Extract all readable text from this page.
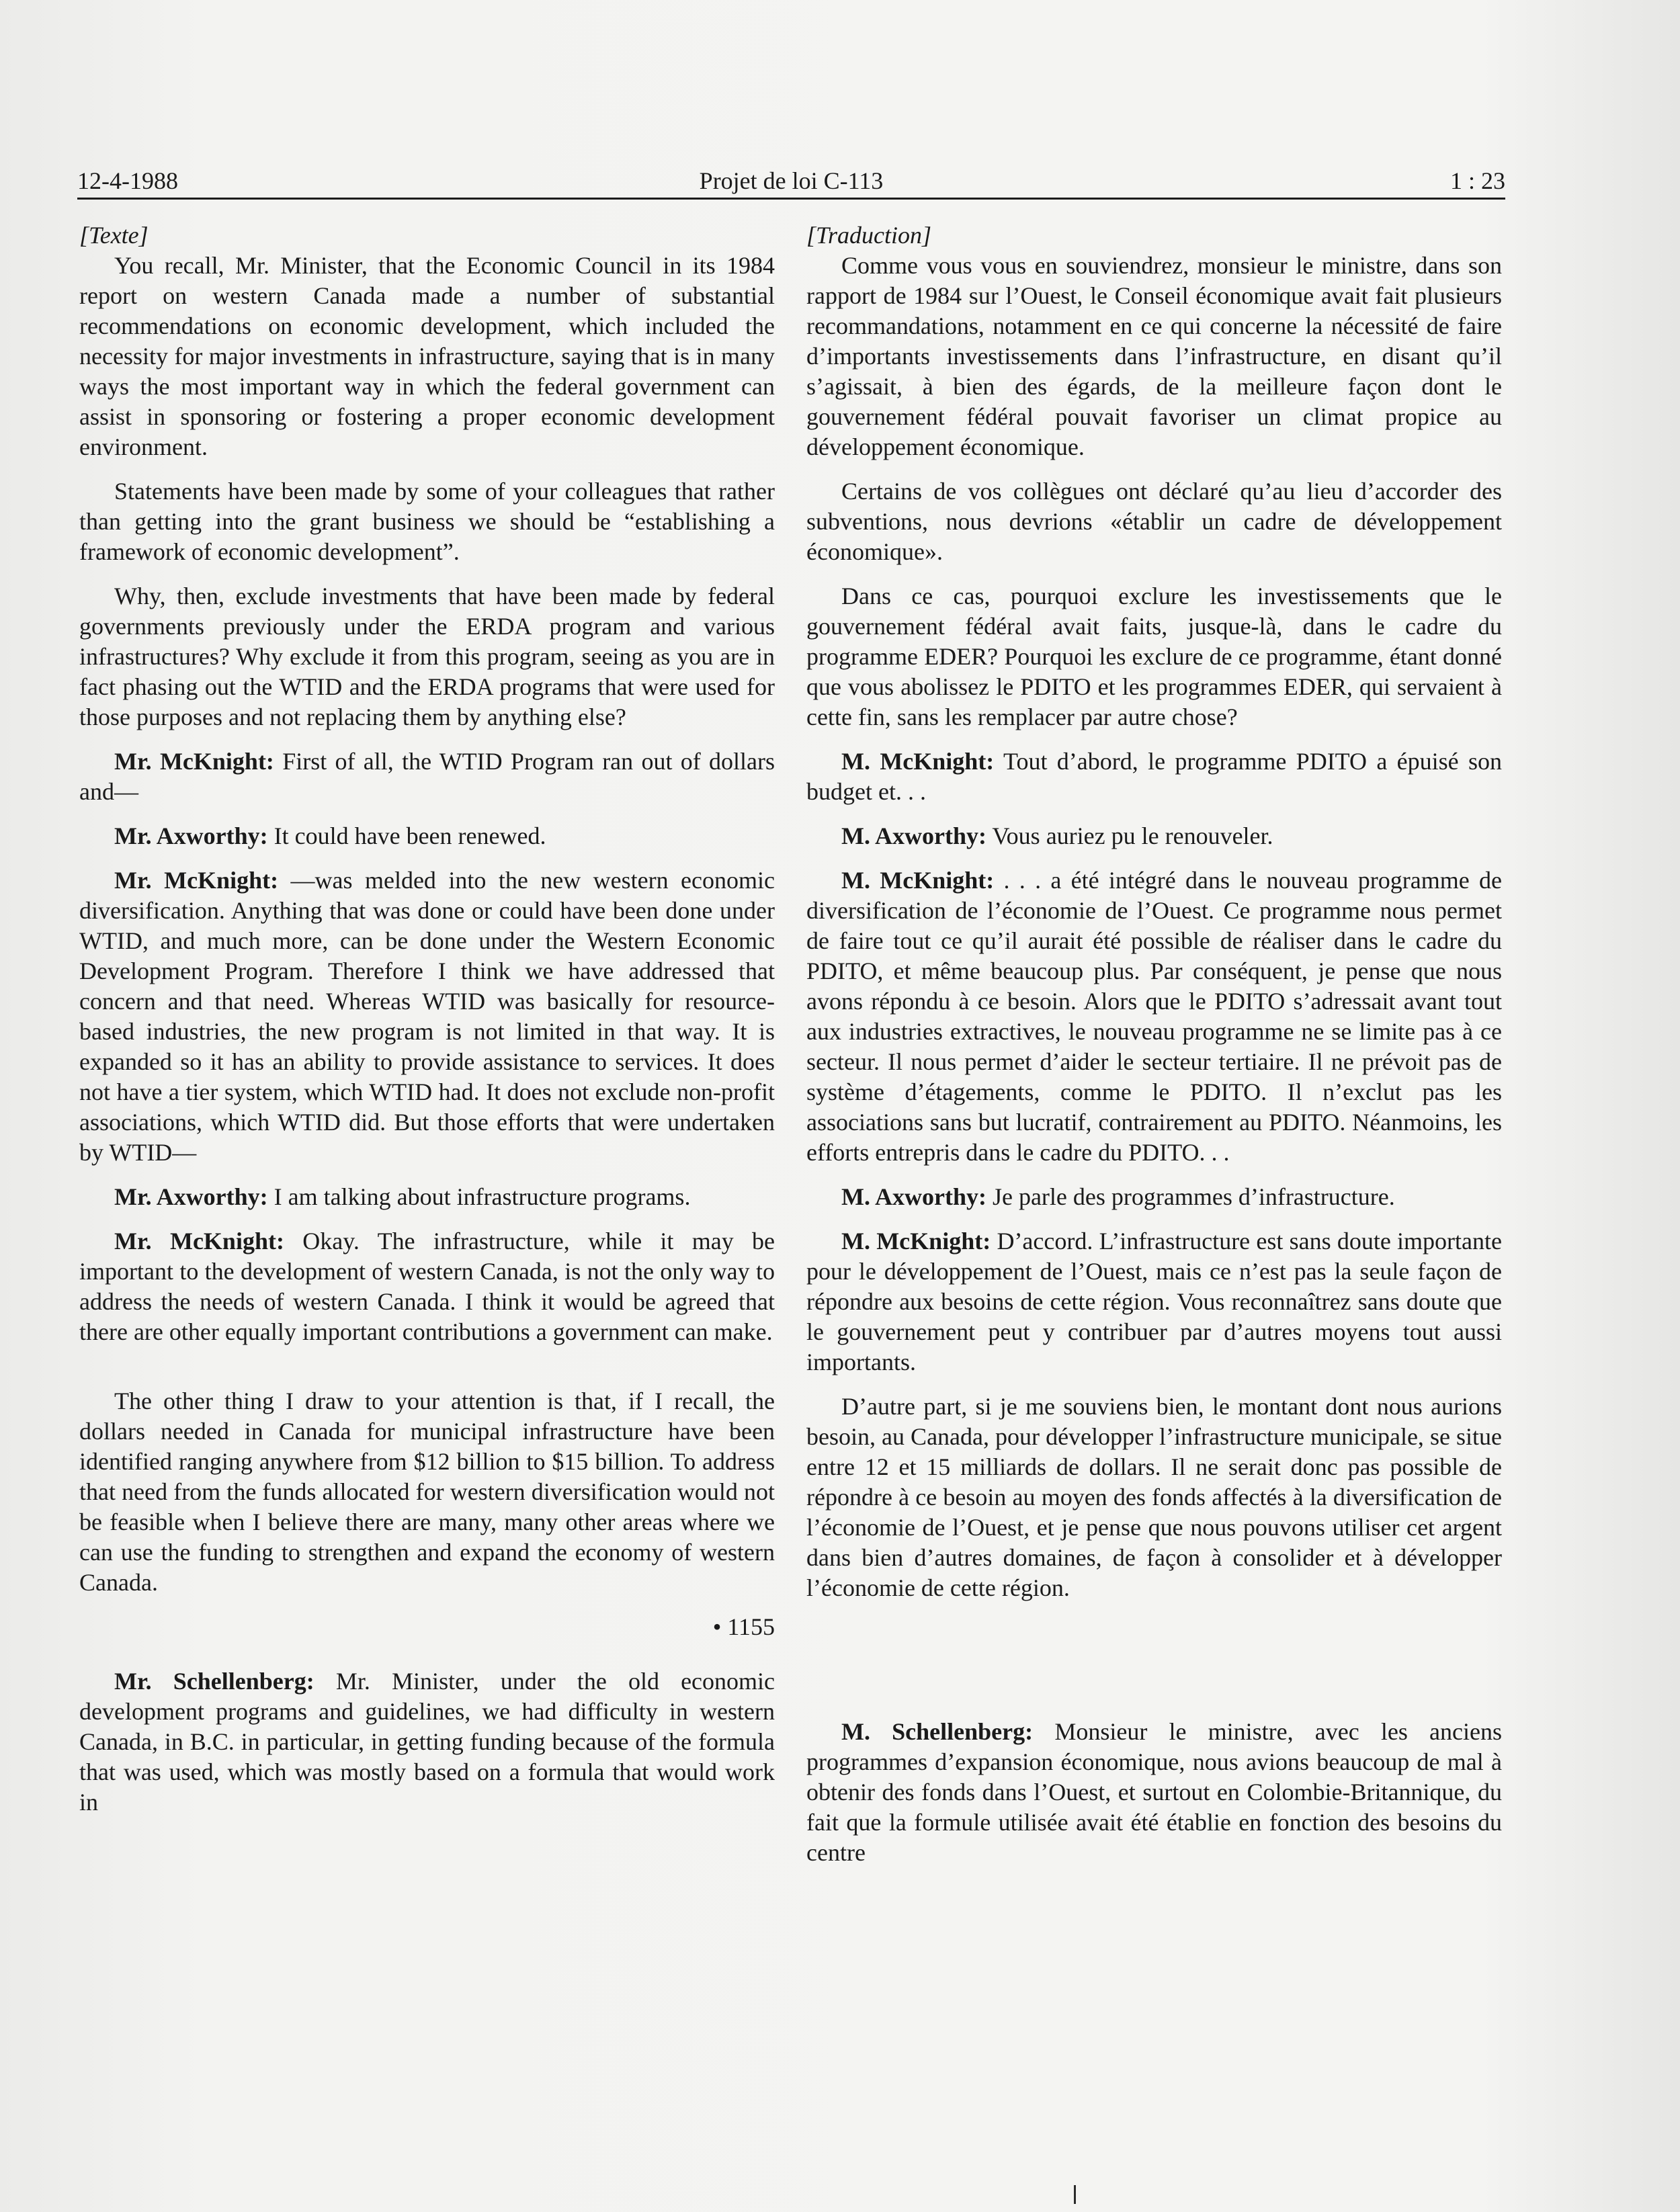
12-4-1988	Projet de loi C-113	1 : 23

[Texte]

You recall, Mr. Minister, that the Economic Council in its 1984 report on western Canada made a number of substantial recommendations on economic development, which included the necessity for major investments in infrastructure, saying that is in many ways the most important way in which the federal government can assist in sponsoring or fostering a proper economic development environment.

Statements have been made by some of your colleagues that rather than getting into the grant business we should be “establishing a framework of economic development”.

Why, then, exclude investments that have been made by federal governments previously under the ERDA program and various infrastructures? Why exclude it from this program, seeing as you are in fact phasing out the WTID and the ERDA programs that were used for those purposes and not replacing them by anything else?

Mr. McKnight: First of all, the WTID Program ran out of dollars and—

Mr. Axworthy: It could have been renewed.

Mr. McKnight: —was melded into the new western economic diversification. Anything that was done or could have been done under WTID, and much more, can be done under the Western Economic Development Program. Therefore I think we have addressed that concern and that need. Whereas WTID was basically for resource-based industries, the new program is not limited in that way. It is expanded so it has an ability to provide assistance to services. It does not have a tier system, which WTID had. It does not exclude non-profit associations, which WTID did. But those efforts that were undertaken by WTID—

Mr. Axworthy: I am talking about infrastructure programs.

Mr. McKnight: Okay. The infrastructure, while it may be important to the development of western Canada, is not the only way to address the needs of western Canada. I think it would be agreed that there are other equally important contributions a government can make.

The other thing I draw to your attention is that, if I recall, the dollars needed in Canada for municipal infrastructure have been identified ranging anywhere from $12 billion to $15 billion. To address that need from the funds allocated for western diversification would not be feasible when I believe there are many, many other areas where we can use the funding to strengthen and expand the economy of western Canada.

• 1155

Mr. Schellenberg: Mr. Minister, under the old economic development programs and guidelines, we had difficulty in western Canada, in B.C. in particular, in getting funding because of the formula that was used, which was mostly based on a formula that would work in

[Traduction]

Comme vous vous en souviendrez, monsieur le ministre, dans son rapport de 1984 sur l’Ouest, le Conseil économique avait fait plusieurs recommandations, notamment en ce qui concerne la nécessité de faire d’importants investissements dans l’infrastructure, en disant qu’il s’agissait, à bien des égards, de la meilleure façon dont le gouvernement fédéral pouvait favoriser un climat propice au développement économique.

Certains de vos collègues ont déclaré qu’au lieu d’accorder des subventions, nous devrions «établir un cadre de développement économique».

Dans ce cas, pourquoi exclure les investissements que le gouvernement fédéral avait faits, jusque-là, dans le cadre du programme EDER? Pourquoi les exclure de ce programme, étant donné que vous abolissez le PDITO et les programmes EDER, qui servaient à cette fin, sans les remplacer par autre chose?

M. McKnight: Tout d’abord, le programme PDITO a épuisé son budget et. . .

M. Axworthy: Vous auriez pu le renouveler.

M. McKnight: . . . a été intégré dans le nouveau programme de diversification de l’économie de l’Ouest. Ce programme nous permet de faire tout ce qu’il aurait été possible de réaliser dans le cadre du PDITO, et même beaucoup plus. Par conséquent, je pense que nous avons répondu à ce besoin. Alors que le PDITO s’adressait avant tout aux industries extractives, le nouveau programme ne se limite pas à ce secteur. Il nous permet d’aider le secteur tertiaire. Il ne prévoit pas de système d’étagements, comme le PDITO. Il n’exclut pas les associations sans but lucratif, contrairement au PDITO. Néanmoins, les efforts entrepris dans le cadre du PDITO. . .

M. Axworthy: Je parle des programmes d’infrastructure.

M. McKnight: D’accord. L’infrastructure est sans doute importante pour le développement de l’Ouest, mais ce n’est pas la seule façon de répondre aux besoins de cette région. Vous reconnaîtrez sans doute que le gouvernement peut y contribuer par d’autres moyens tout aussi importants.

D’autre part, si je me souviens bien, le montant dont nous aurions besoin, au Canada, pour développer l’infrastructure municipale, se situe entre 12 et 15 milliards de dollars. Il ne serait donc pas possible de répondre à ce besoin au moyen des fonds affectés à la diversification de l’économie de l’Ouest, et je pense que nous pouvons utiliser cet argent dans bien d’autres domaines, de façon à consolider et à développer l’économie de cette région.

M. Schellenberg: Monsieur le ministre, avec les anciens programmes d’expansion économique, nous avions beaucoup de mal à obtenir des fonds dans l’Ouest, et surtout en Colombie-Britannique, du fait que la formule utilisée avait été établie en fonction des besoins du centre
